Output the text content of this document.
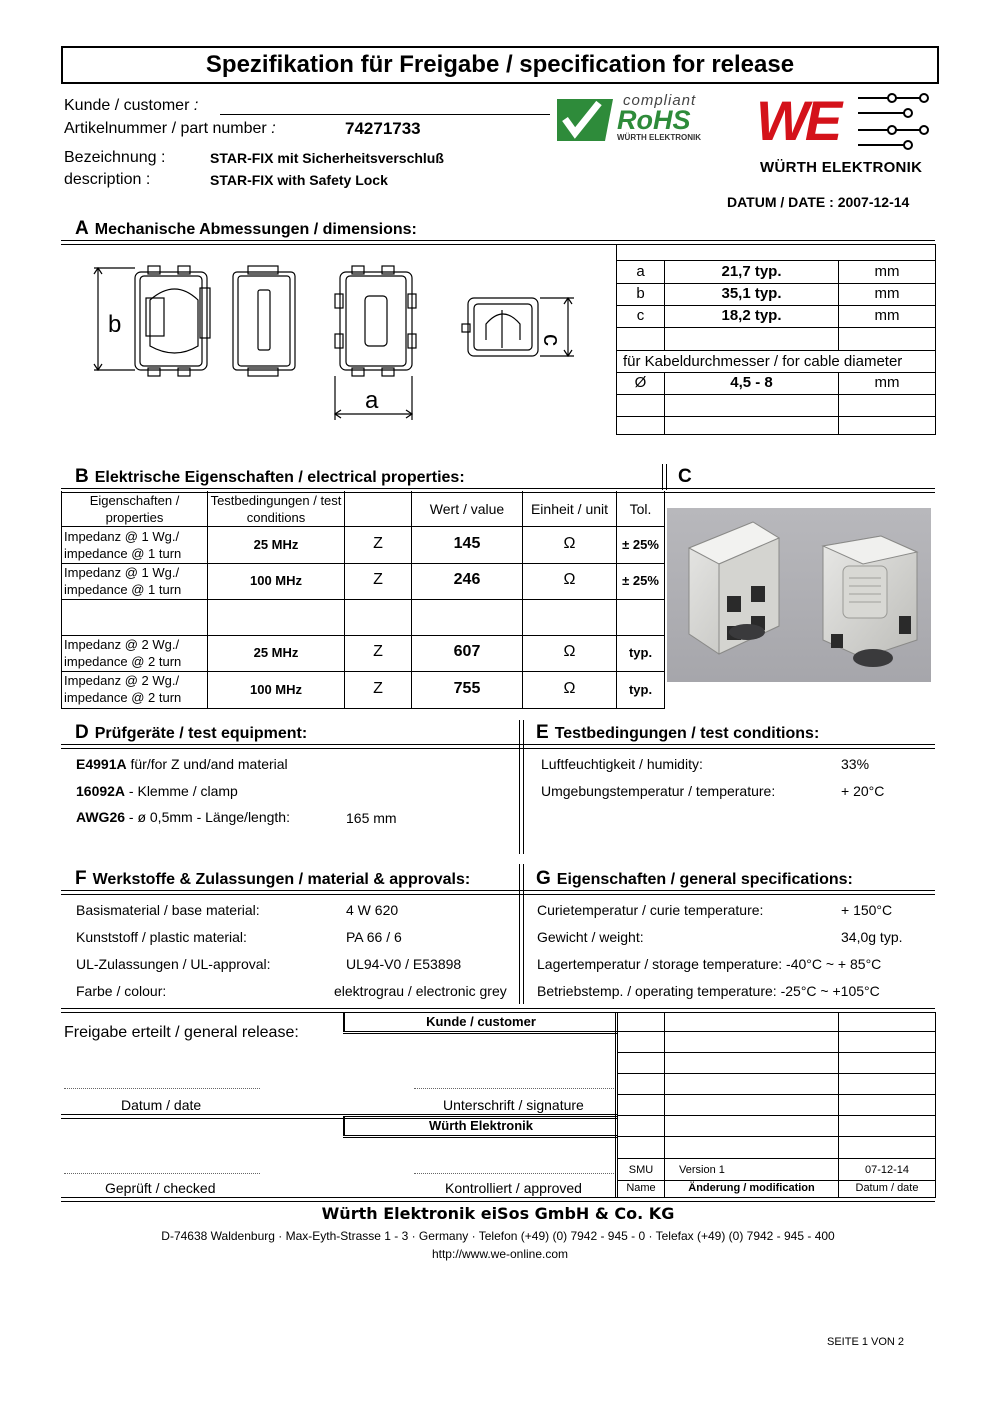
Spezifikation für Freigabe / specification for release
Kunde / customer :
Artikelnummer / part number :	74271733
Bezeichnung :
description :
STAR-FIX mit Sicherheitsverschluß
STAR-FIX with Safety Lock
DATUM / DATE : 2007-12-14
compliant
RoHS
WÜRTH ELEKTRONIK WE
WÜRTH ELEKTRONIK
A Mechanische Abmessungen / dimensions:
b
a
c
a	21,7 typ.	mm
b	35,1 typ.	mm
c	18,2 typ.	mm
für Kabeldurchmesser / for cable diameter
Ø	4,5 - 8	mm
B Elektrische Eigenschaften / electrical properties:	C
Eigenschaften / properties
Testbedingungen / test conditions
Wert / value	Einheit / unit	Tol.
Impedanz @ 1 Wg./
impedance @ 1 turn
25 MHz	Z	145	Ω	± 25%
Impedanz @ 1 Wg./
impedance @ 1 turn
100 MHz	Z	246	Ω	± 25%
Impedanz @ 2 Wg./
impedance @ 2 turn
25 MHz	Z	607	Ω	typ.
Impedanz @ 2 Wg./
impedance @ 2 turn
100 MHz	Z	755	Ω	typ.
D Prüfgeräte / test equipment:	E Testbedingungen / test conditions:
E4991A für/for Z und/and material
16092A - Klemme / clamp
AWG26 - ø 0,5mm - Länge/length:	165 mm
Luftfeuchtigkeit / humidity:	33%
Umgebungstemperatur / temperature:	+ 20°C
F Werkstoffe & Zulassungen / material & approvals:	G Eigenschaften / general specifications:
Basismaterial / base material:	4 W 620
Kunststoff / plastic material:	PA 66 / 6
UL-Zulassungen / UL-approval:	UL94-V0 / E53898
Farbe / colour:	elektrograu / electronic grey
Curietemperatur / curie temperature:	+ 150°C
Gewicht / weight:	34,0g typ.
Lagertemperatur / storage temperature: -40°C ~ + 85°C
Betriebstemp. / operating temperature: -25°C ~ +105°C
Freigabe erteilt / general release:
Kunde / customer
Datum / date	Unterschrift / signature
Würth Elektronik
Geprüft / checked	Kontrolliert / approved
SMU	Version 1	07-12-14
Name	Änderung / modification	Datum / date
Würth Elektronik eiSos GmbH & Co. KG
D-74638 Waldenburg · Max-Eyth-Strasse 1 - 3 · Germany · Telefon (+49) (0) 7942 - 945 - 0 · Telefax (+49) (0) 7942 - 945 - 400
http://www.we-online.com
SEITE 1 VON 2
